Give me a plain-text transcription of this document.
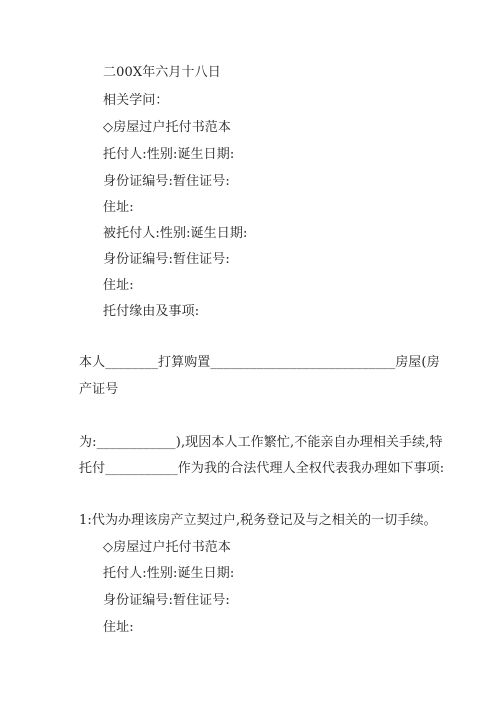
二00X年六月十八日
相关学问：
◇房屋过户托付书范本
托付人:性别:诞生日期:
身份证编号:暂住证号:
住址:
被托付人:性别:诞生日期:
身份证编号:暂住证号:
住址:
托付缘由及事项:
本人________打算购置____________________________房屋(房
产证号
为:____________),现因本人工作繁忙,不能亲自办理相关手续,特
托付___________作为我的合法代理人全权代表我办理如下事项:
1:代为办理该房产立契过户,税务登记及与之相关的一切手续。
◇房屋过户托付书范本
托付人:性别:诞生日期:
身份证编号:暂住证号:
住址:
